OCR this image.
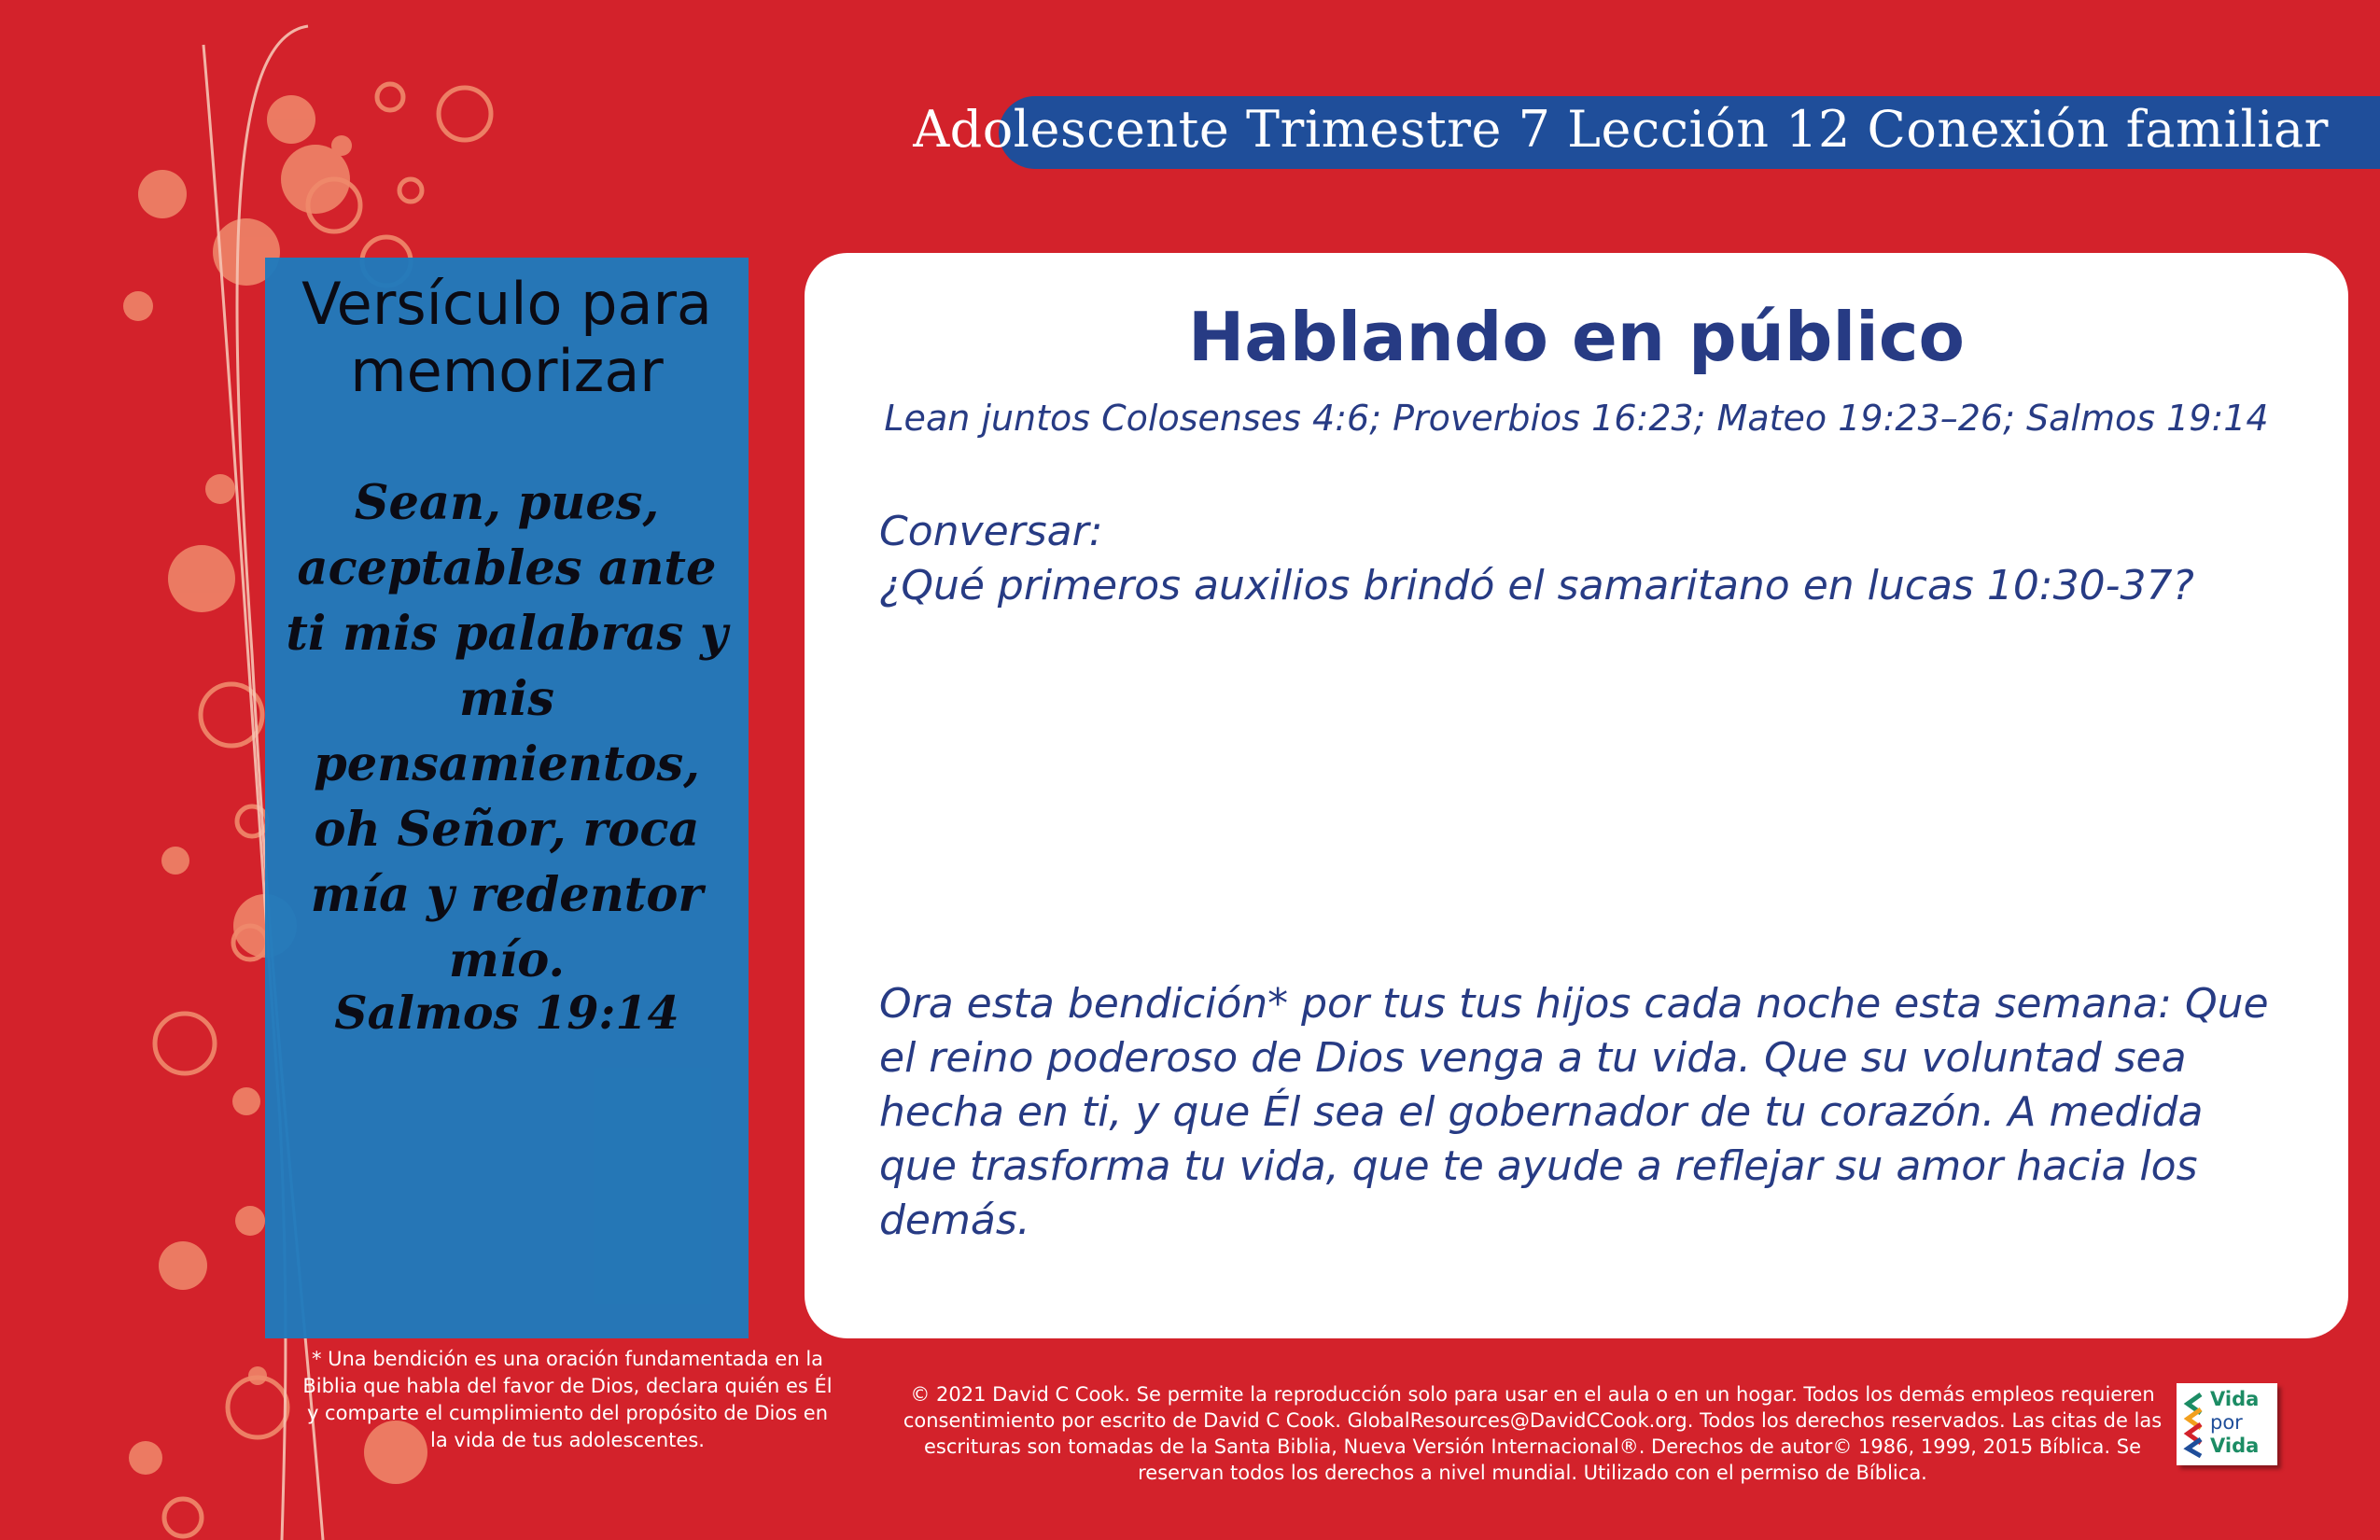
Adolescente Trimestre 7 Lección 12 Conexión familiar
Versículo para memorizar
Sean, pues, aceptables ante ti mis palabras y mis pensamientos, oh Señor, roca mía y redentor mío.
Salmos 19:14
Hablando en público
Lean juntos Colosenses 4:6; Proverbios 16:23; Mateo 19:23–26; Salmos 19:14
Conversar:
¿Qué primeros auxilios brindó el samaritano en lucas 10:30-37?
Ora esta bendición* por tus tus hijos cada noche esta semana: Que el reino poderoso de Dios venga a tu vida. Que su voluntad sea hecha en ti, y que Él sea el gobernador de tu corazón. A medida que trasforma tu vida, que te ayude a reflejar su amor hacia los demás.
* Una bendición es una oración fundamentada en la Biblia que habla del favor de Dios, declara quién es Él y comparte el cumplimiento del propósito de Dios en la vida de tus adolescentes.
© 2021 David C Cook. Se permite la reproducción solo para usar en el aula o en un hogar. Todos los demás empleos requieren consentimiento por escrito de David C Cook. GlobalResources@DavidCCook.org. Todos los derechos reservados. Las citas de las escrituras son tomadas de la Santa Biblia, Nueva Versión Internacional®. Derechos de autor© 1986, 1999, 2015 Bíblica. Se reservan todos los derechos a nivel mundial. Utilizado con el permiso de Bíblica.
Vida
por
Vida
